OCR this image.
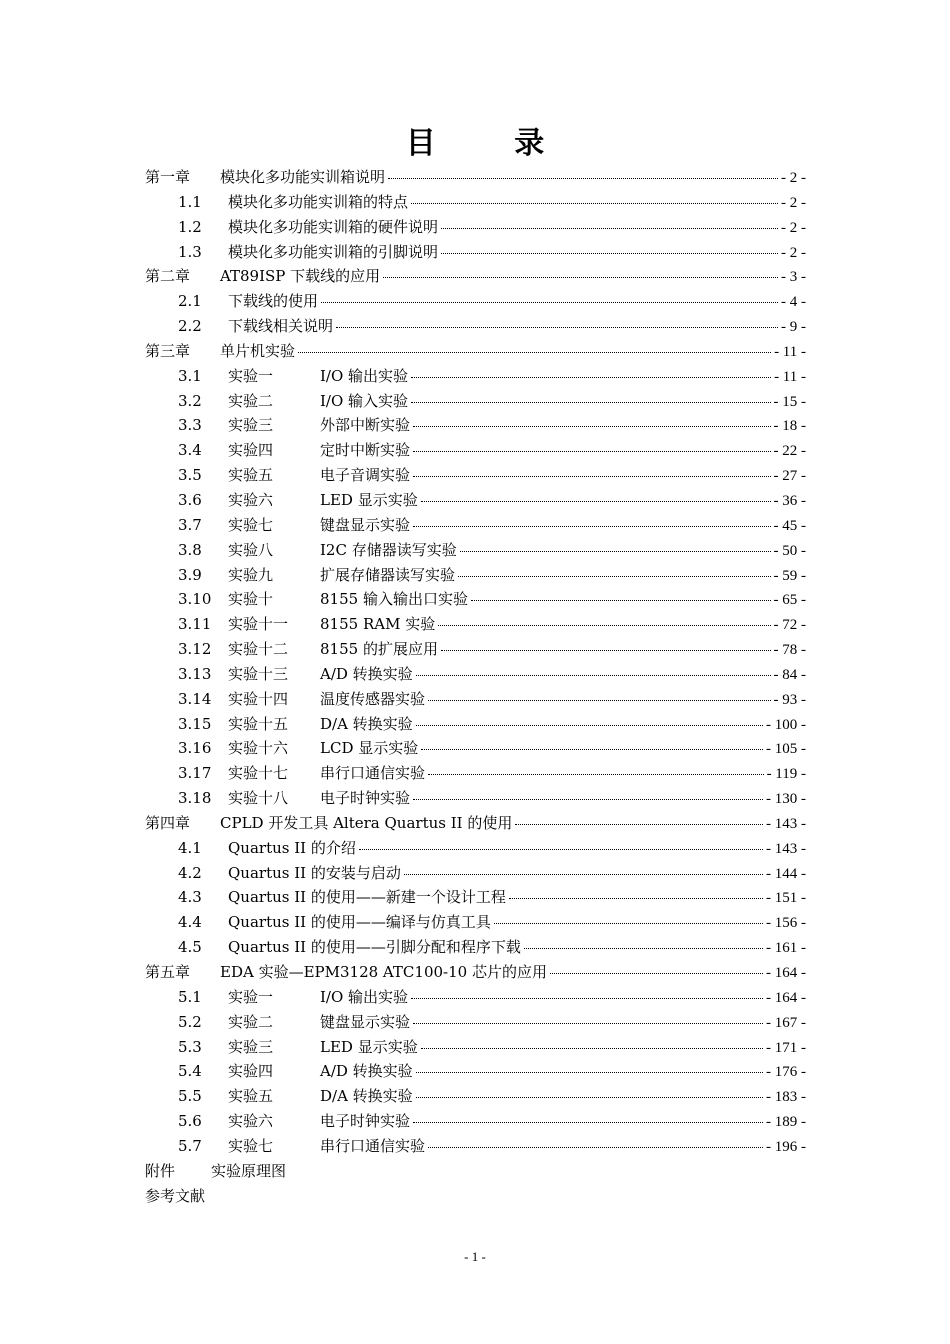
目 录
第一章	模块化多功能实训箱说明	- 2 -
1.1	模块化多功能实训箱的特点	- 2 -
1.2	模块化多功能实训箱的硬件说明	- 2 -
1.3	模块化多功能实训箱的引脚说明	- 2 -
第二章	AT89ISP 下载线的应用	- 3 -
2.1	下载线的使用	- 4 -
2.2	下载线相关说明	- 9 -
第三章	单片机实验	- 11 -
3.1	实验一	I/O 输出实验	- 11 -
3.2	实验二	I/O 输入实验	- 15 -
3.3	实验三	外部中断实验	- 18 -
3.4	实验四	定时中断实验	- 22 -
3.5	实验五	电子音调实验	- 27 -
3.6	实验六	LED 显示实验	- 36 -
3.7	实验七	键盘显示实验	- 45 -
3.8	实验八	I2C 存储器读写实验	- 50 -
3.9	实验九	扩展存储器读写实验	- 59 -
3.10	实验十	8155 输入输出口实验	- 65 -
3.11	实验十一	8155 RAM 实验	- 72 -
3.12	实验十二	8155 的扩展应用	- 78 -
3.13	实验十三	A/D 转换实验	- 84 -
3.14	实验十四	温度传感器实验	- 93 -
3.15	实验十五	D/A 转换实验	- 100 -
3.16	实验十六	LCD 显示实验	- 105 -
3.17	实验十七	串行口通信实验	- 119 -
3.18	实验十八	电子时钟实验	- 130 -
第四章	CPLD 开发工具 Altera Quartus II 的使用	- 143 -
4.1	Quartus II 的介绍	- 143 -
4.2	Quartus II 的安装与启动	- 144 -
4.3	Quartus II 的使用——新建一个设计工程	- 151 -
4.4	Quartus II 的使用——编译与仿真工具	- 156 -
4.5	Quartus II 的使用——引脚分配和程序下载	- 161 -
第五章	EDA 实验—EPM3128 ATC100-10 芯片的应用	- 164 -
5.1	实验一	I/O 输出实验	- 164 -
5.2	实验二	键盘显示实验	- 167 -
5.3	实验三	LED 显示实验	- 171 -
5.4	实验四	A/D 转换实验	- 176 -
5.5	实验五	D/A 转换实验	- 183 -
5.6	实验六	电子时钟实验	- 189 -
5.7	实验七	串行口通信实验	- 196 -
附件	实验原理图
参考文献
- 1 -
